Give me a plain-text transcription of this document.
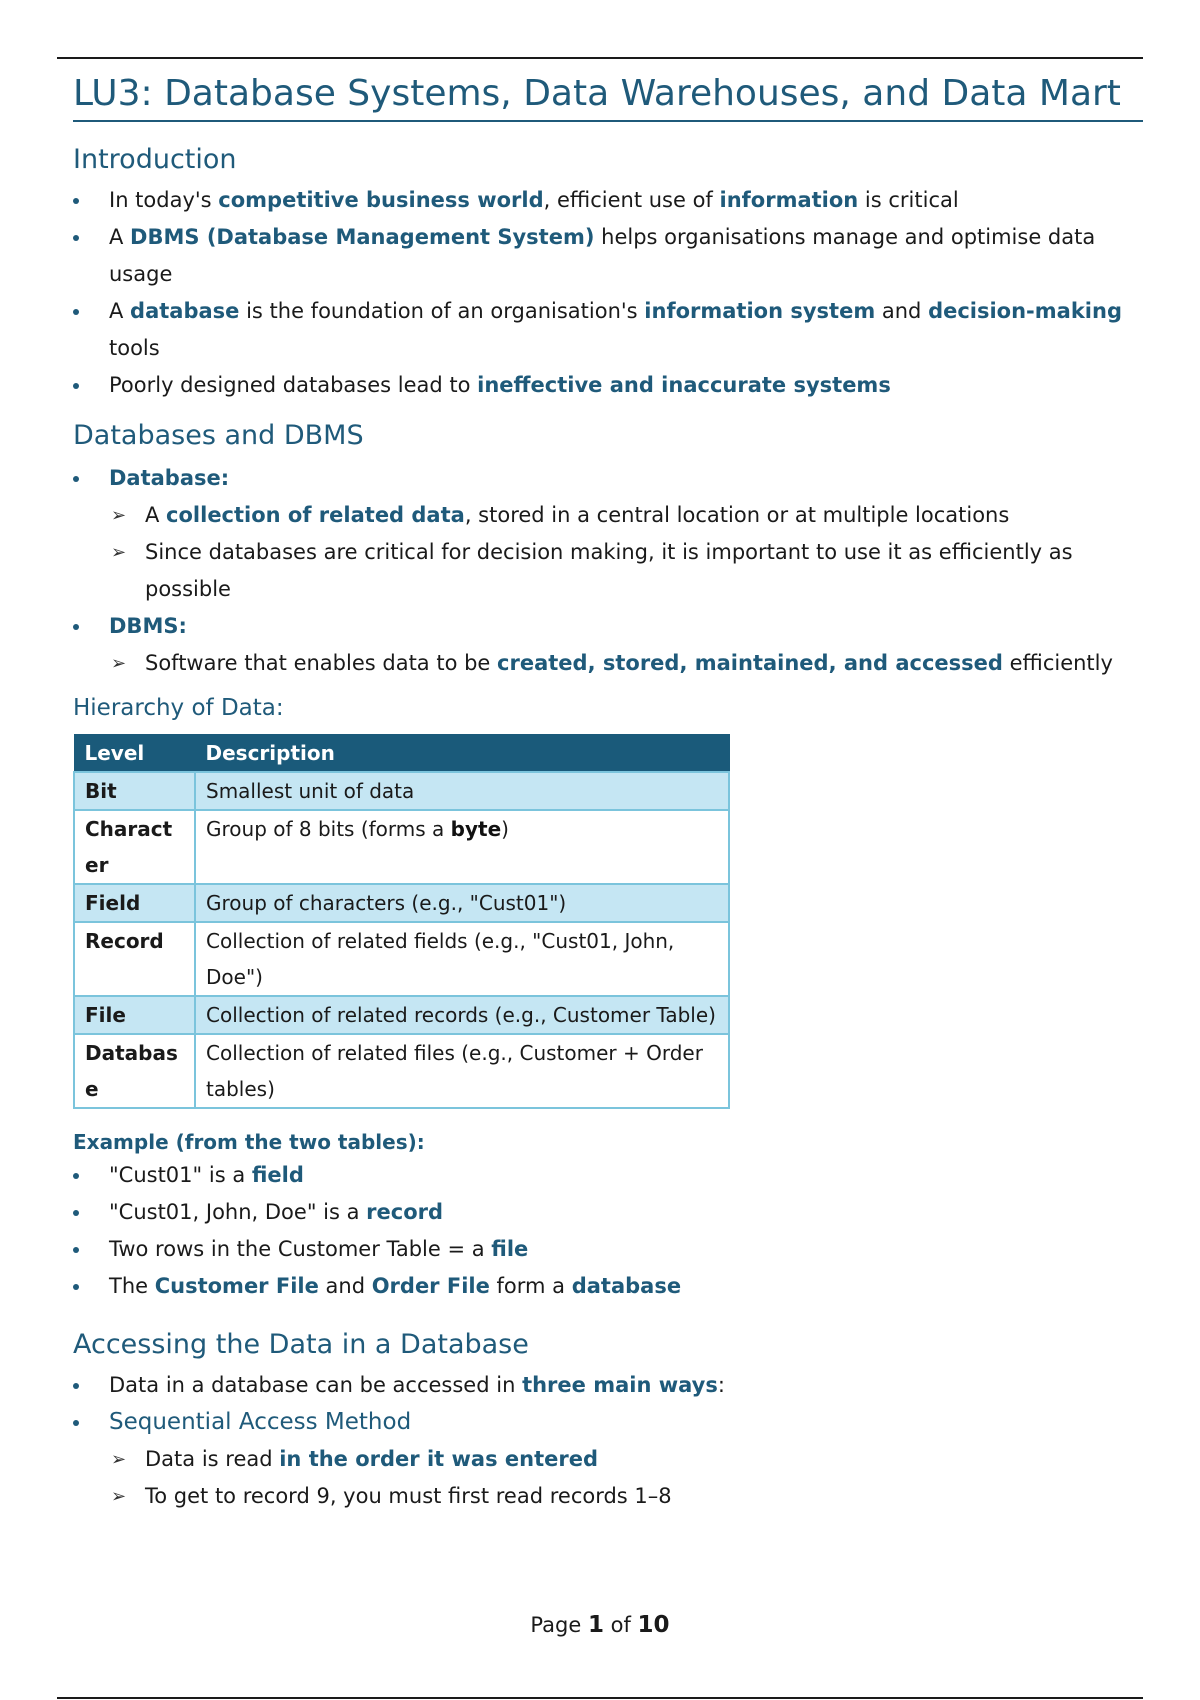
LU3: Database Systems, Data Warehouses, and Data Mart
Introduction
In today's competitive business world, efficient use of information is critical
A DBMS (Database Management System) helps organisations manage and optimise data usage
A database is the foundation of an organisation's information system and decision-making tools
Poorly designed databases lead to ineffective and inaccurate systems
Databases and DBMS
Database:
➢ A collection of related data, stored in a central location or at multiple locations
➢ Since databases are critical for decision making, it is important to use it as efficiently as possible
DBMS:
➢ Software that enables data to be created, stored, maintained, and accessed efficiently
Hierarchy of Data:
Level	Description
Bit	Smallest unit of data
Character	Group of 8 bits (forms a byte)
Field	Group of characters (e.g., "Cust01")
Record	Collection of related fields (e.g., "Cust01, John, Doe")
File	Collection of related records (e.g., Customer Table)
Database	Collection of related files (e.g., Customer + Order tables)
Example (from the two tables):
"Cust01" is a field
"Cust01, John, Doe" is a record
Two rows in the Customer Table = a file
The Customer File and Order File form a database
Accessing the Data in a Database
Data in a database can be accessed in three main ways:
Sequential Access Method
➢ Data is read in the order it was entered
➢ To get to record 9, you must first read records 1–8
Page 1 of 10
